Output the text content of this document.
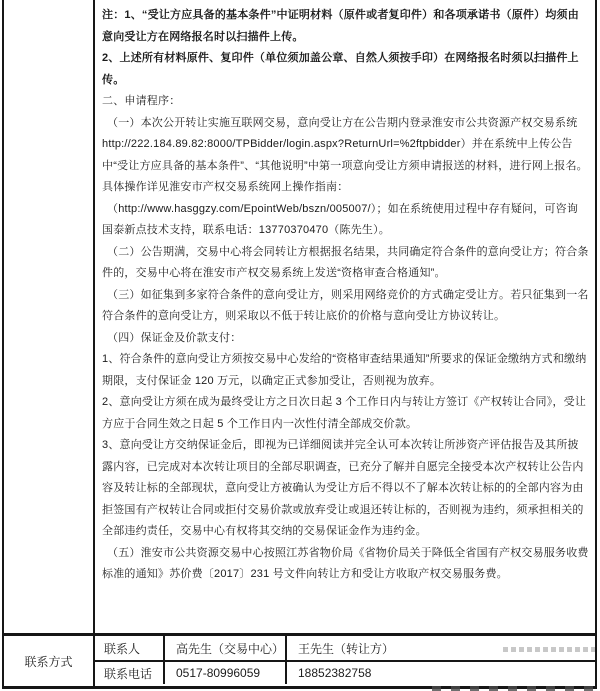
注：1、“受让方应具备的基本条件”中证明材料（原件或者复印件）和各项承诺书（原件）均须由意向受让方在网络报名时以扫描件上传。

2、上述所有材料原件、复印件（单位须加盖公章、自然人须按手印）在网络报名时须以扫描件上传。

二、申请程序：

（一）本次公开转让实施互联网交易，意向受让方在公告期内登录淮安市公共资源产权交易系统http://222.184.89.82:8000/TPBidder/login.aspx?ReturnUrl=%2ftpbidder）并在系统中上传公告中“受让方应具备的基本条件”、“其他说明”中第一项意向受让方须申请报送的材料，进行网上报名。具体操作详见淮安市产权交易系统网上操作指南：

（http://www.hasggzy.com/EpointWeb/bszn/005007/）；如在系统使用过程中存有疑问，可咨询国泰新点技术支持，联系电话：13770370470（陈先生）。

（二）公告期满，交易中心将会同转让方根据报名结果，共同确定符合条件的意向受让方；符合条件的，交易中心将在淮安市产权交易系统上发送“资格审查合格通知”。

（三）如征集到多家符合条件的意向受让方，则采用网络竞价的方式确定受让方。若只征集到一名符合条件的意向受让方，则采取以不低于转让底价的价格与意向受让方协议转让。

（四）保证金及价款支付：

1、符合条件的意向受让方须按交易中心发给的“资格审查结果通知”所要求的保证金缴纳方式和缴纳期限，支付保证金 120 万元，以确定正式参加受让，否则视为放弃。

2、意向受让方须在成为最终受让方之日次日起 3 个工作日内与转让方签订《产权转让合同》，受让方应于合同生效之日起 5 个工作日内一次性付清全部成交价款。

3、意向受让方交纳保证金后，即视为已详细阅读并完全认可本次转让所涉资产评估报告及其所披露内容，已完成对本次转让项目的全部尽职调查，已充分了解并自愿完全接受本次产权转让公告内容及转让标的全部现状，意向受让方被确认为受让方后不得以不了解本次转让标的的全部内容为由拒签国有产权转让合同或拒付交易价款或放弃受让或退还转让标的，否则视为违约，须承担相关的全部违约责任，交易中心有权将其交纳的交易保证金作为违约金。

（五）淮安市公共资源交易中心按照江苏省物价局《省物价局关于降低全省国有产权交易服务收费标准的通知》苏价费〔2017〕231 号文件向转让方和受让方收取产权交易服务费。

联系方式
联系人	高先生（交易中心）	王先生（转让方）
联系电话	0517-80996059	18852382758
